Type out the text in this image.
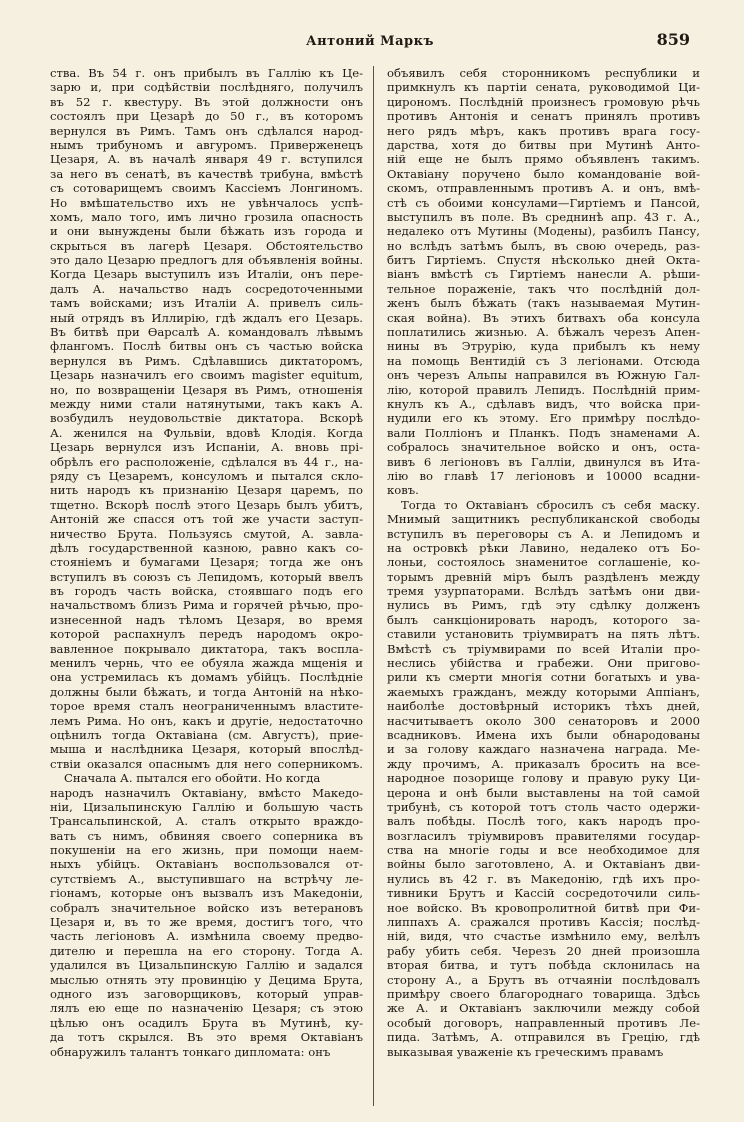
Антоний Маркъ	859
ства. Въ 54 г. онъ прибылъ въ Галлію къ Це-
зарю и, при содѣйствіи послѣдняго, получилъ
въ 52 г. квестуру. Въ этой должности онъ
состоялъ при Цезарѣ до 50 г., въ которомъ
вернулся въ Римъ. Тамъ онъ сдѣлался народ-
нымъ трибуномъ и авгуромъ. Приверженецъ
Цезаря, А. въ началѣ января 49 г. вступился
за него въ сенатѣ, въ качествѣ трибуна, вмѣстѣ
съ сотоварищемъ своимъ Кассіемъ Лонгиномъ.
Но вмѣшательство ихъ не увѣнчалось успѣ-
хомъ, мало того, имъ лично грозила опасность
и они вынуждены были бѣжать изъ города и
скрыться въ лагерѣ Цезаря. Обстоятельство
это дало Цезарю предлогъ для объявленія войны.
Когда Цезарь выступилъ изъ Италіи, онъ пере-
далъ А. начальство надъ сосредоточенными
тамъ войсками; изъ Италіи А. привелъ силь-
ный отрядъ въ Иллирію, гдѣ ждалъ его Цезарь.
Въ битвѣ при Ѳарсалѣ А. командовалъ лѣвымъ
флангомъ. Послѣ битвы онъ съ частью войска
вернулся въ Римъ. Сдѣлавшись диктаторомъ,
Цезарь назначилъ его своимъ magister equitum,
но, по возвращеніи Цезаря въ Римъ, отношенія
между ними стали натянутыми, такъ какъ А.
возбудилъ неудовольствіе диктатора. Вскорѣ
А. женился на Фульвіи, вдовѣ Клодія. Когда
Цезарь вернулся изъ Испаніи, А. вновь прі-
обрѣлъ его расположеніе, сдѣлался въ 44 г., на-
ряду съ Цезаремъ, консуломъ и пытался скло-
нить народъ къ признанію Цезаря царемъ, по
тщетно. Вскорѣ послѣ этого Цезарь былъ убитъ,
Антоній же спасся отъ той же участи заступ-
ничество Брута. Пользуясь смутой, А. завла-
дѣлъ государственной казною, равно какъ со-
стояніемъ и бумагами Цезаря; тогда же онъ
вступилъ въ союзъ съ Лепидомъ, который ввелъ
въ городъ часть войска, стоявшаго подъ его
начальствомъ близъ Рима и горячей рѣчью, про-
изнесенной надъ тѣломъ Цезаря, во время
которой распахнулъ передъ народомъ окро-
вавленное покрывало диктатора, такъ воспла-
менилъ чернь, что ее обуяла жажда мщенія и
она устремилась къ домамъ убійцъ. Послѣдніе
должны были бѣжать, и тогда Антоній на нѣко-
торое время сталъ неограниченнымъ властите-
лемъ Рима. Но онъ, какъ и другіе, недостаточно
оцѣнилъ тогда Октавіана (см. Августъ), прие-
мыша и наслѣдника Цезаря, который впослѣд-
ствіи оказался опаснымъ для него соперникомъ.
Сначала А. пытался его обойти. Но когда
народъ назначилъ Октавіану, вмѣсто Македо-
ніи, Цизальпинскую Галлію и большую часть
Трансальпинской, А. сталъ открыто враждо-
вать съ нимъ, обвиняя своего соперника въ
покушеніи на его жизнь, при помощи наем-
ныхъ убійцъ. Октавіанъ воспользовался от-
сутствіемъ А., выступившаго на встрѣчу ле-
гіонамъ, которые онъ вызвалъ изъ Македоніи,
собралъ значительное войско изъ ветерановъ
Цезаря и, въ то же время, достигъ того, что
часть легіоновъ А. измѣнила своему предво-
дителю и перешла на его сторону. Тогда А.
удалился въ Цизальпинскую Галлію и задался
мыслью отнять эту провинцію у Децима Брута,
одного изъ заговорщиковъ, который управ-
лялъ ею еще по назначенію Цезаря; съ этою
цѣлью онъ осадилъ Брута въ Мутинѣ, ку-
да тотъ скрылся. Въ это время Октавіанъ
обнаружилъ талантъ тонкаго дипломата: онъ
объявилъ себя сторонникомъ республики и
примкнулъ къ партіи сената, руководимой Ци-
цирономъ. Послѣдній произнесъ громовую рѣчь
противъ Антонія и сенатъ принялъ противъ
него рядъ мѣръ, какъ противъ врага госу-
дарства, хотя до битвы при Мутинѣ Анто-
ній еще не былъ прямо объявленъ такимъ.
Октавіану поручено было командованіе вой-
скомъ, отправленнымъ противъ А. и онъ, вмѣ-
стѣ съ обоими консулами—Гиртіемъ и Пансой,
выступилъ въ поле. Въ среднинѣ апр. 43 г. А.,
недалеко отъ Мутины (Модены), разбилъ Пансу,
но вслѣдъ затѣмъ былъ, въ свою очередь, раз-
битъ Гиртіемъ. Спустя нѣсколько дней Окта-
віанъ вмѣстѣ съ Гиртіемъ нанесли А. рѣши-
тельное пораженіе, такъ что послѣдній дол-
женъ былъ бѣжать (такъ называемая Мутин-
ская война). Въ этихъ битвахъ оба консула
поплатились жизнью. А. бѣжалъ черезъ Апен-
нины въ Этрурію, куда прибылъ къ нему
на помощь Вентидій съ 3 легіонами. Отсюда
онъ черезъ Альпы направился въ Южную Гал-
лію, которой правилъ Лепидъ. Послѣдній прим-
кнулъ къ А., сдѣлавъ видъ, что войска при-
нудили его къ этому. Его примѣру послѣдо-
вали Поллiонъ и Планкъ. Подъ знаменами А.
собралось значительное войско и онъ, оста-
вивъ 6 легіоновъ въ Галліи, двинулся въ Ита-
лію во главѣ 17 легіоновъ и 10000 всадни-
ковъ.
Тогда то Октавіанъ сбросилъ съ себя маску.
Мнимый защитникъ республиканской свободы
вступилъ въ переговоры съ А. и Лепидомъ и
на островкѣ рѣки Лавино, недалеко отъ Бо-
лоньи, состоялось знаменитое соглашеніе, ко-
торымъ древній міръ былъ раздѣленъ между
тремя узурпаторами. Вслѣдъ затѣмъ они дви-
нулись въ Римъ, гдѣ эту сдѣлку долженъ
былъ санкціонировать народъ, которого за-
ставили установить тріумвиратъ на пять лѣтъ.
Вмѣстѣ съ тріумвирами по всей Италіи про-
неслись убійства и грабежи. Они пригово-
рили къ смерти многія сотни богатыхъ и ува-
жаемыхъ гражданъ, между которыми Аппіанъ,
наиболѣе достовѣрный историкъ тѣхъ дней,
насчитываетъ около 300 сенаторовъ и 2000
всадниковъ. Имена ихъ были обнародованы
и за голову каждаго назначена награда. Ме-
жду прочимъ, А. приказалъ бросить на все-
народное позорище голову и правую руку Ци-
церона и онѣ были выставлены на той самой
трибунѣ, съ которой тотъ столь часто одержи-
валъ побѣды. Послѣ того, какъ народъ про-
возгласилъ тріумвировъ правителями государ-
ства на многіе годы и все необходимое для
войны было заготовлено, А. и Октавіанъ дви-
нулись въ 42 г. въ Македонію, гдѣ ихъ про-
тивники Брутъ и Кассій сосредоточили силь-
ное войско. Въ кровопролитной битвѣ при Фи-
липпахъ А. сражался противъ Кассія; послѣд-
ній, видя, что счастье измѣнило ему, велѣлъ
рабу убить себя. Черезъ 20 дней произошла
вторая битва, и тутъ побѣда склонилась на
сторону А., а Брутъ въ отчаяніи послѣдовалъ
примѣру своего благороднаго товарища. Здѣсь
же А. и Октавіанъ заключили между собой
особый договоръ, направленный противъ Ле-
пида. Затѣмъ, А. отправился въ Грецію, гдѣ
выказывая уваженіе къ греческимъ правамъ
